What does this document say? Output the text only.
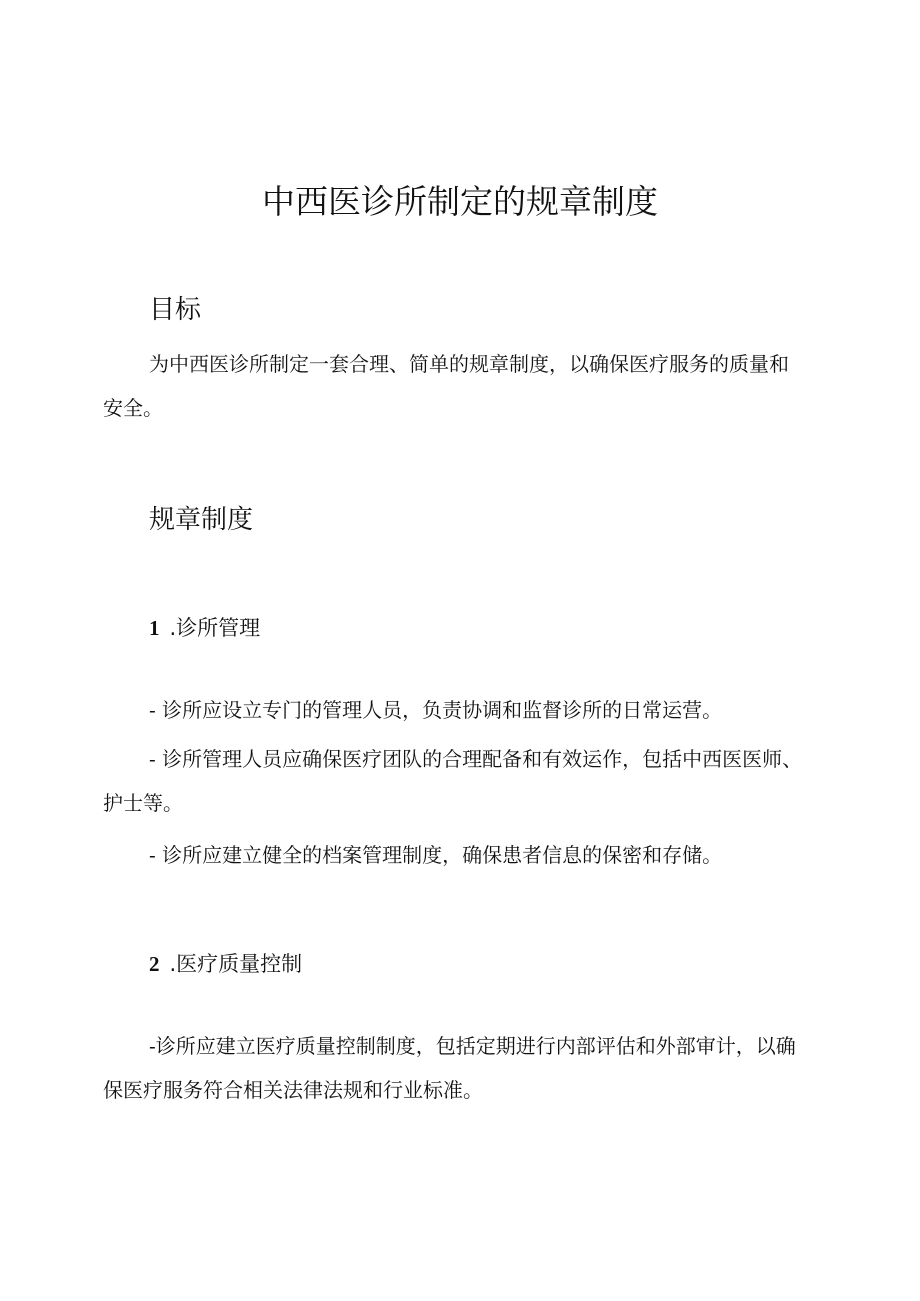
中西医诊所制定的规章制度
目标

为中西医诊所制定一套合理、简单的规章制度，以确保医疗服务的质量和安全。

规章制度
1 .诊所管理

- 诊所应设立专门的管理人员，负责协调和监督诊所的日常运营。

- 诊所管理人员应确保医疗团队的合理配备和有效运作，包括中西医医师、护士等。

- 诊所应建立健全的档案管理制度，确保患者信息的保密和存储。

2 .医疗质量控制

-诊所应建立医疗质量控制制度，包括定期进行内部评估和外部审计，以确保医疗服务符合相关法律法规和行业标准。
